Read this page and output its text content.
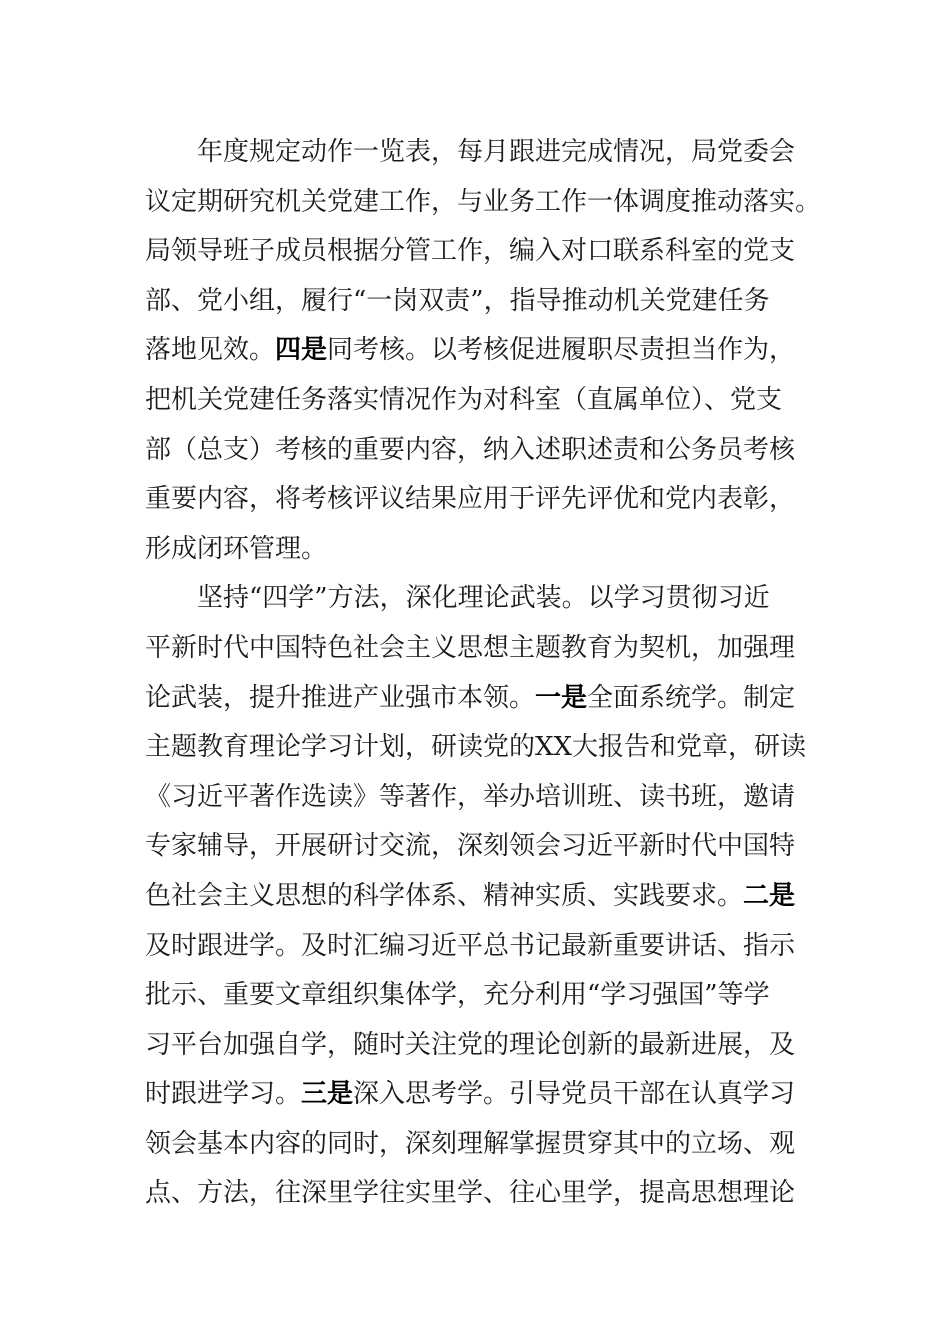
年度规定动作一览表，每月跟进完成情况，局党委会
议定期研究机关党建工作，与业务工作一体调度推动落实。
局领导班子成员根据分管工作，编入对口联系科室的党支
部、党小组，履行“一岗双责”，指导推动机关党建任务
落地见效。四是同考核。以考核促进履职尽责担当作为，
把机关党建任务落实情况作为对科室（直属单位）、党支
部（总支）考核的重要内容，纳入述职述责和公务员考核
重要内容，将考核评议结果应用于评先评优和党内表彰，
形成闭环管理。
坚持“四学”方法，深化理论武装。以学习贯彻习近
平新时代中国特色社会主义思想主题教育为契机，加强理
论武装，提升推进产业强市本领。一是全面系统学。制定
主题教育理论学习计划，研读党的XX大报告和党章，研读
《习近平著作选读》等著作，举办培训班、读书班，邀请
专家辅导，开展研讨交流，深刻领会习近平新时代中国特
色社会主义思想的科学体系、精神实质、实践要求。二是
及时跟进学。及时汇编习近平总书记最新重要讲话、指示
批示、重要文章组织集体学，充分利用“学习强国”等学
习平台加强自学，随时关注党的理论创新的最新进展，及
时跟进学习。三是深入思考学。引导党员干部在认真学习
领会基本内容的同时，深刻理解掌握贯穿其中的立场、观
点、方法，往深里学往实里学、往心里学，提高思想理论
